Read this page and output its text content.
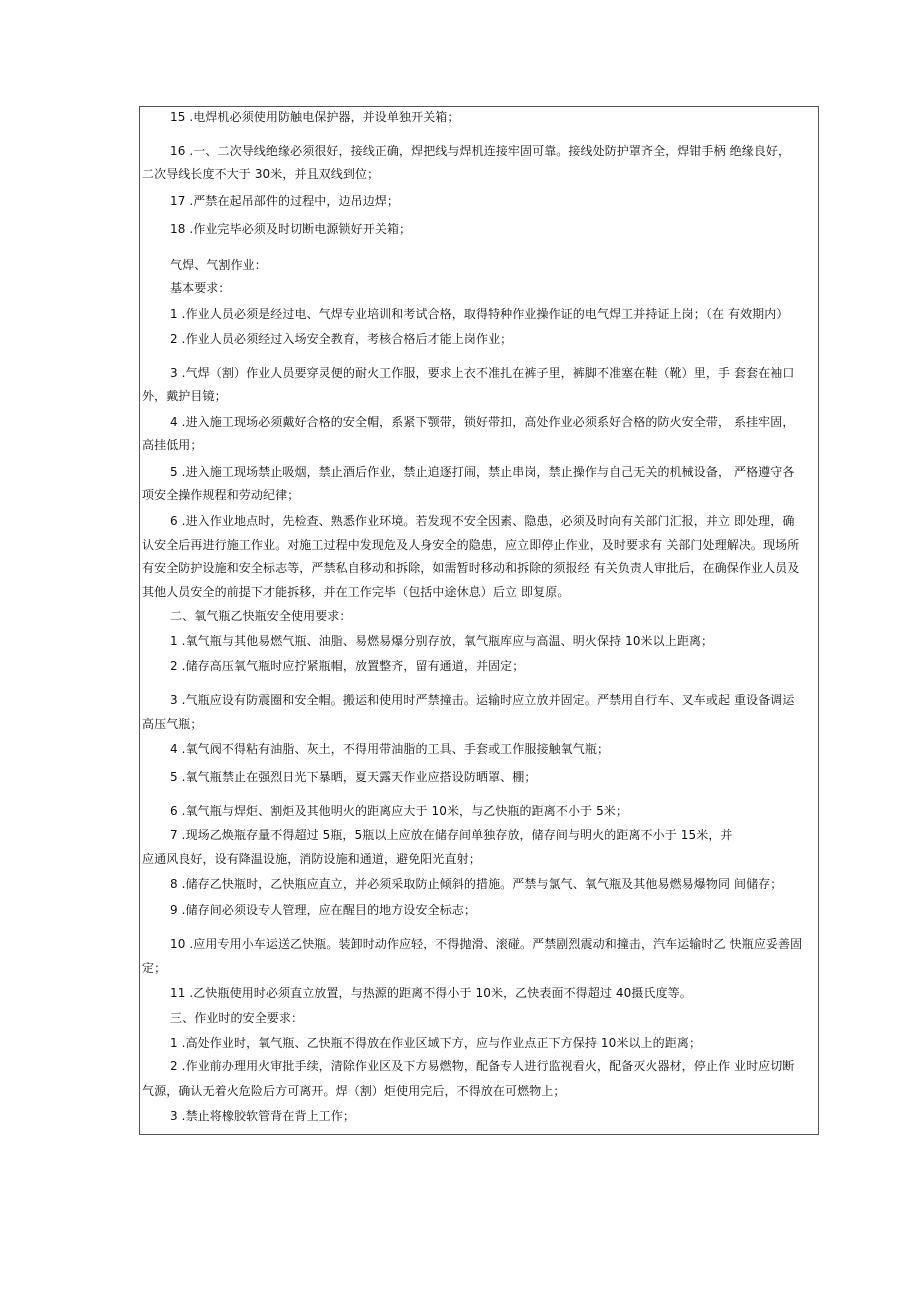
15 .电焊机必须使用防触电保护器，并设单独开关箱；
16 .一、二次导线绝缘必须很好，接线正确，焊把线与焊机连接牢固可靠。接线处防护罩齐全，焊钳手柄 绝缘良好，
二次导线长度不大于 30米，并且双线到位；
17 .严禁在起吊部件的过程中，边吊边焊；
18 .作业完毕必须及时切断电源锁好开关箱；
气焊、气割作业：
基本要求：
1 .作业人员必须是经过电、气焊专业培训和考试合格，取得特种作业操作证的电气焊工并持证上岗；（在 有效期内）
2 .作业人员必须经过入场安全教育，考核合格后才能上岗作业；
3 .气焊（割）作业人员要穿灵便的耐火工作服，要求上衣不准扎在裤子里，裤脚不准塞在鞋（靴）里，手 套套在袖口
外，戴护目镜；
4 .进入施工现场必须戴好合格的安全帽，系紧下颚带，锁好带扣，高处作业必须系好合格的防火安全带， 系挂牢固，
高挂低用；
5 .进入施工现场禁止吸烟，禁止酒后作业，禁止追逐打闹，禁止串岗，禁止操作与自己无关的机械设备， 严格遵守各
项安全操作规程和劳动纪律；
6 .进入作业地点时，先检查、熟悉作业环境。若发现不安全因素、隐患，必须及时向有关部门汇报，并立 即处理，确
认安全后再进行施工作业。对施工过程中发现危及人身安全的隐患，应立即停止作业，及时要求有 关部门处理解决。现场所
有安全防护设施和安全标志等，严禁私自移动和拆除，如需暂时移动和拆除的须报经 有关负责人审批后，在确保作业人员及
其他人员安全的前提下才能拆移，并在工作完毕（包括中途休息）后立 即复原。
二、氧气瓶乙快瓶安全使用要求：
1 .氧气瓶与其他易燃气瓶、油脂、易燃易爆分别存放，氧气瓶库应与高温、明火保持 10米以上距离；
2 .储存高压氧气瓶时应拧紧瓶帽，放置整齐，留有通道，并固定；
3 .气瓶应设有防震圈和安全帽。搬运和使用时严禁撞击。运输时应立放并固定。严禁用自行车、叉车或起 重设备调运
高压气瓶；
4 .氧气阀不得粘有油脂、灰土，不得用带油脂的工具、手套或工作服接触氧气瓶；
5 .氧气瓶禁止在强烈日光下暴晒，夏天露天作业应搭设防晒罩、棚；
6 .氧气瓶与焊炬、割炬及其他明火的距离应大于 10米，与乙快瓶的距离不小于 5米；
7 .现场乙焕瓶存量不得超过 5瓶，5瓶以上应放在储存间单独存放，储存间与明火的距离不小于 15米，并
应通风良好，设有降温设施，消防设施和通道，避免阳光直射；
8 .储存乙快瓶时，乙快瓶应直立，并必须采取防止倾斜的措施。严禁与氯气、氧气瓶及其他易燃易爆物同 间储存；
9 .储存间必须设专人管理，应在醒目的地方设安全标志；
10 .应用专用小车运送乙快瓶。装卸时动作应轻，不得抛滑、滚碰。严禁剧烈震动和撞击，汽车运输时乙 快瓶应妥善固
定；
11 .乙快瓶使用时必须直立放置，与热源的距离不得小于 10米，乙快表面不得超过 40摄氏度等。
三、作业时的安全要求：
1 .高处作业时，氧气瓶、乙快瓶不得放在作业区域下方，应与作业点正下方保持 10米以上的距离；
2 .作业前办理用火审批手续，清除作业区及下方易燃物，配备专人进行监视看火，配备灭火器材，停止作 业时应切断
气源，确认无着火危险后方可离开。焊（割）炬使用完后，不得放在可燃物上；
3 .禁止将橡胶软管背在背上工作；
